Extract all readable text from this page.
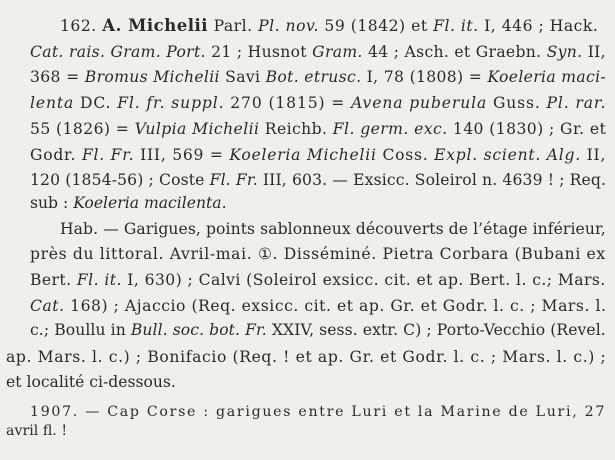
162. A. Michelii Parl. Pl. nov. 59 (1842) et Fl. it. I, 446 ; Hack.
Cat. rais. Gram. Port. 21 ; Husnot Gram. 44 ; Asch. et Graebn. Syn. II,
368 = Bromus Michelii Savi Bot. etrusc. I, 78 (1808) = Koeleria maci-
lenta DC. Fl. fr. suppl. 270 (1815) = Avena puberula Guss. Pl. rar.
55 (1826) = Vulpia Michelii Reichb. Fl. germ. exc. 140 (1830) ; Gr. et
Godr. Fl. Fr. III, 569 = Koeleria Michelii Coss. Expl. scient. Alg. II,
120 (1854-56) ; Coste Fl. Fr. III, 603. — Exsicc. Soleirol n. 4639 ! ; Req.
sub : Koeleria macilenta.
Hab. — Garigues, points sablonneux découverts de l’étage inférieur,
près du littoral. Avril-mai. ①. Disséminé. Pietra Corbara (Bubani ex
Bert. Fl. it. I, 630) ; Calvi (Soleirol exsicc. cit. et ap. Bert. l. c.; Mars.
Cat. 168) ; Ajaccio (Req. exsicc. cit. et ap. Gr. et Godr. l. c. ; Mars. l.
c.; Boullu in Bull. soc. bot. Fr. XXIV, sess. extr. C) ; Porto-Vecchio (Revel.
ap. Mars. l. c.) ; Bonifacio (Req. ! et ap. Gr. et Godr. l. c. ; Mars. l. c.) ;
et localité ci-dessous.
1907. — Cap Corse : garigues entre Luri et la Marine de Luri, 27
avril fl. !
